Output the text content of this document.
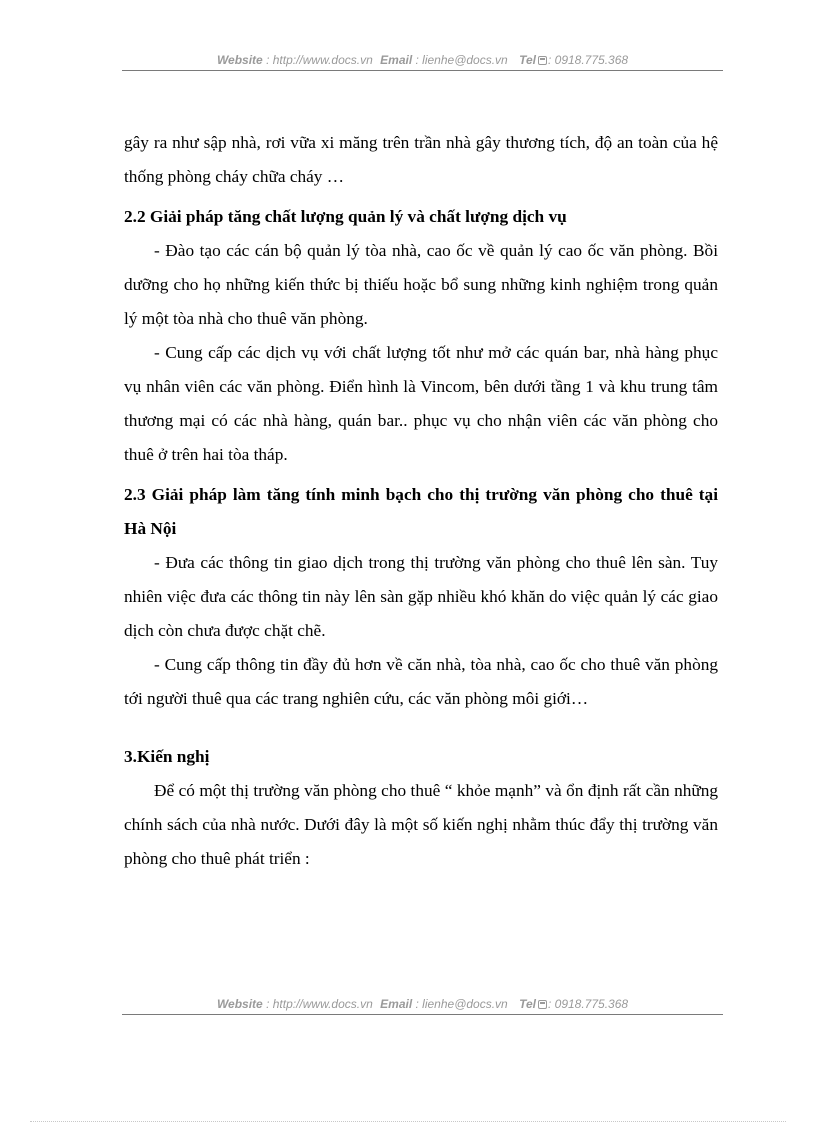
Website : http://www.docs.vn Email : lienhe@docs.vn Tel : 0918.775.368

gây ra như sập nhà, rơi vữa xi măng trên trần nhà gây thương tích, độ an toàn của hệ thống phòng cháy chữa cháy …

2.2 Giải pháp tăng chất lượng quản lý và chất lượng dịch vụ

- Đào tạo các cán bộ quản lý tòa nhà, cao ốc về quản lý cao ốc văn phòng. Bồi dưỡng cho họ những kiến thức bị thiếu hoặc bổ sung những kinh nghiệm trong quản lý một tòa nhà cho thuê văn phòng.

- Cung cấp các dịch vụ với chất lượng tốt như mở các quán bar, nhà hàng phục vụ nhân viên các văn phòng. Điển hình là Vincom, bên dưới tầng 1 và khu trung tâm thương mại có các nhà hàng, quán bar.. phục vụ cho nhận viên các văn phòng cho thuê ở trên hai tòa tháp.

2.3 Giải pháp làm tăng tính minh bạch cho thị trường văn phòng cho thuê tại Hà Nội

- Đưa các thông tin giao dịch trong thị trường văn phòng cho thuê lên sàn. Tuy nhiên việc đưa các thông tin này lên sàn gặp nhiều khó khăn do việc quản lý các giao dịch còn chưa được chặt chẽ.

- Cung cấp thông tin đầy đủ hơn về căn nhà, tòa nhà, cao ốc cho thuê văn phòng tới người thuê qua các trang nghiên cứu, các văn phòng môi giới…

3.Kiến nghị

Để có một thị trường văn phòng cho thuê “ khỏe mạnh” và ổn định rất cần những chính sách của nhà nước. Dưới đây là một số kiến nghị nhằm thúc đẩy thị trường văn phòng cho thuê phát triển :

Website : http://www.docs.vn Email : lienhe@docs.vn Tel : 0918.775.368
